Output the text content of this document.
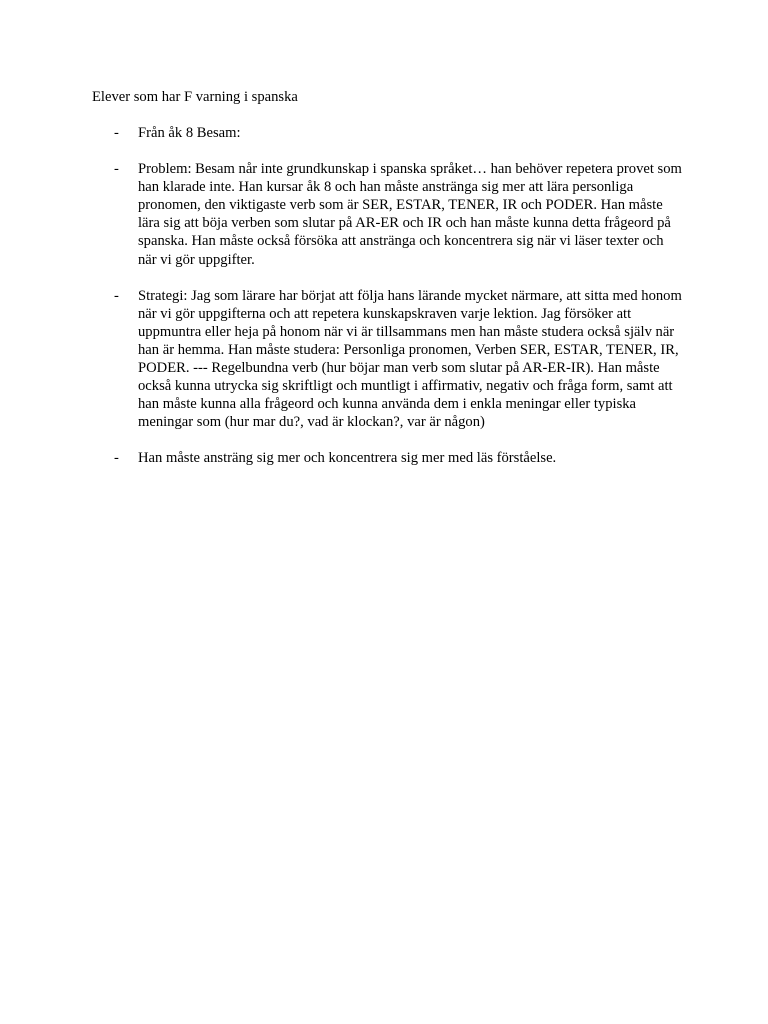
Elever som har F varning i spanska

- Från åk 8 Besam:
- Problem: Besam når inte grundkunskap i spanska språket… han behöver repetera provet som han klarade inte. Han kursar åk 8 och han måste anstränga sig mer att lära personliga pronomen, den viktigaste verb som är SER, ESTAR, TENER, IR och PODER. Han måste lära sig att böja verben som slutar på AR-ER och IR och han måste kunna detta frågeord på spanska. Han måste också försöka att anstränga och koncentrera sig när vi läser texter och när vi gör uppgifter.
- Strategi: Jag som lärare har börjat att följa hans lärande mycket närmare, att sitta med honom när vi gör uppgifterna och att repetera kunskapskraven varje lektion. Jag försöker att uppmuntra eller heja på honom när vi är tillsammans men han måste studera också själv när han är hemma. Han måste studera: Personliga pronomen, Verben SER, ESTAR, TENER, IR, PODER. --- Regelbundna verb (hur böjar man verb som slutar på AR-ER-IR). Han måste också kunna utrycka sig skriftligt och muntligt i affirmativ, negativ och fråga form, samt att han måste kunna alla frågeord och kunna använda dem i enkla meningar eller typiska meningar som (hur mar du?, vad är klockan?, var är någon)
- Han måste ansträng sig mer och koncentrera sig mer med läs förståelse.
